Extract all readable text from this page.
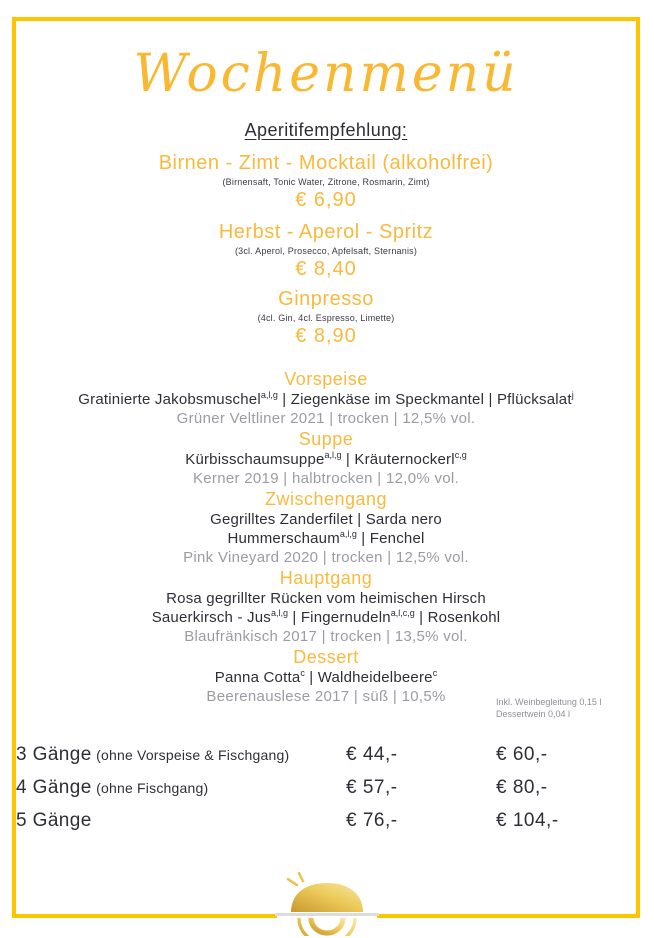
Wochenmenü
Aperitifempfehlung:
Birnen - Zimt - Mocktail (alkoholfrei)
(Birnensaft, Tonic Water, Zitrone, Rosmarin, Zimt)
€ 6,90
Herbst - Aperol - Spritz
(3cl. Aperol, Prosecco, Apfelsaft, Sternanis)
€ 8,40
Ginpresso
(4cl. Gin, 4cl. Espresso, Limette)
€ 8,90
Vorspeise
Gratinierte Jakobsmuschel$^{a,l,g}$ | Ziegenkäse im Speckmantel | Pflücksalat$^j$
Grüner Veltliner 2021 | trocken | 12,5% vol.
Suppe
Kürbisschaumsuppe$^{a,l,g}$ | Kräuternockerl$^{c,g}$
Kerner 2019 | halbtrocken | 12,0% vol.
Zwischengang
Gegrilltes Zanderfilet | Sarda nero
Hummerschaum$^{a,l,g}$ | Fenchel
Pink Vineyard 2020 | trocken | 12,5% vol.
Hauptgang
Rosa gegrillter Rücken vom heimischen Hirsch
Sauerkirsch - Jus$^{a,l,g}$ | Fingernudeln$^{a,l,c,g}$ | Rosenkohl
Blaufränkisch 2017 | trocken | 13,5% vol.
Dessert
Panna Cotta$^c$ | Waldheidelbeere$^c$
Beerenauslese 2017 | süß | 10,5%	Inkl. Weinbegleitung 0,15 l
Dessertwein 0,04 l
3 Gänge (ohne Vorspeise & Fischgang)	€ 44,-	€ 60,-
4 Gänge (ohne Fischgang)	€ 57,-	€ 80,-
5 Gänge	€ 76,-	€ 104,-
